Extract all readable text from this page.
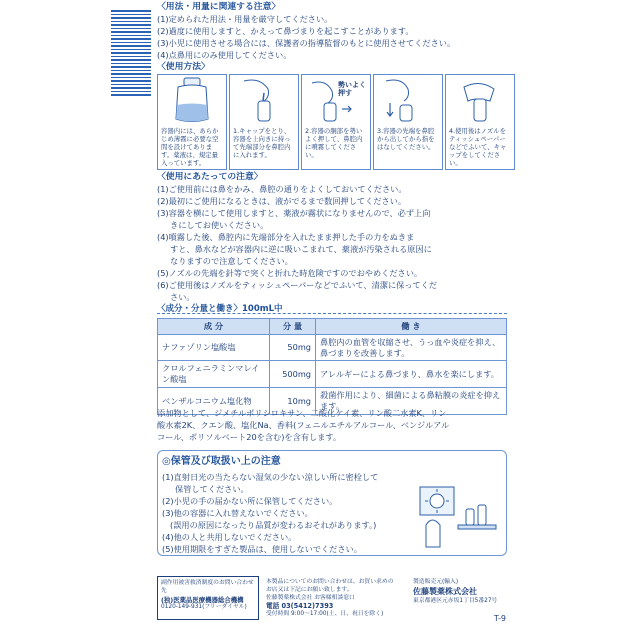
〈用法・用量に関連する注意〉
(1)定められた用法・用量を厳守してください。
(2)過度に使用しますと、かえって鼻づまりを起こすことがあります。
(3)小児に使用させる場合には、保護者の指導監督のもとに使用させてください。
(4)点鼻用にのみ使用してください。
〈使用方法〉
容器内には、あらかじめ薄霧に必要な空間を設けてあります。薬液は、規定量入っています。
1.キャップをとり、容器を上向きに持って先端部分を鼻腔内に入れます。
勢いよく押す
2.容器の胴部を勢いよく押して、鼻腔内に噴霧してください。
3.容器の先端を鼻腔から出してから指をはなしてください。
4.使用後はノズルをティッシュペーパーなどでふいて、キャップをしてください。
〈使用にあたっての注意〉
(1)ご使用前には鼻をかみ、鼻腔の通りをよくしておいてください。
(2)最初にご使用になるときは、液がでるまで数回押してください。
(3)容器を横にして使用しますと、薬液が霧状になりませんので、必ず上向
きにしてお使いください。
(4)噴霧した後、鼻腔内に先端部分を入れたまま押した手の力をぬきま
すと、鼻水などが容器内に逆に吸いこまれて、薬液が汚染される原因に
なりますので注意してください。
(5)ノズルの先端を針等で突くと折れた時危険ですのでおやめください。
(6)ご使用後はノズルをティッシュペーパーなどでふいて、清潔に保ってくだ
さい。
〈成分・分量と働き〉100mL中
成 分	分 量	働 き
ナファゾリン塩酸塩	50mg	鼻腔内の血管を収縮させ、うっ血や炎症を抑え、鼻づまりを改善します。
クロルフェニラミンマレイン酸塩	500mg	アレルギーによる鼻づまり、鼻水を楽にします。
ベンザルコニウム塩化物	10mg	殺菌作用により、細菌による鼻粘膜の炎症を抑えます。
添加物として、ジメチルポリシロキサン、二酸化ケイ素、リン酸二水素K、リン
酸水素2K、クエン酸、塩化Na、香料(フェニルエチルアルコール、ベンジルアル
コール、ポリソルベート20を含む)を含有します。
◎保管及び取扱い上の注意
(1)直射日光の当たらない湿気の少ない涼しい所に密栓して
保管してください。
(2)小児の手の届かない所に保管してください。
(3)他の容器に入れ替えないでください。
(誤用の原因になったり品質が変わるおそれがあります。)
(4)他の人と共用しないでください。
(5)使用期限をすぎた製品は、使用しないでください。
副作用被害救済制度のお問い合わせ先
(独)医薬品医療機器総合機構
0120-149-931(フリーダイヤル)
本製品についてのお問い合わせは、お買い求めのお店又は下記にお願い致します。
佐藤製薬株式会社 お客様相談窓口
電話 03(5412)7393
受付時間 9:00〜17:00(土、日、祝日を除く)
製造販売元(輸入)
佐藤製薬株式会社
東京都港区元赤坂1丁目5番27号
T-9
